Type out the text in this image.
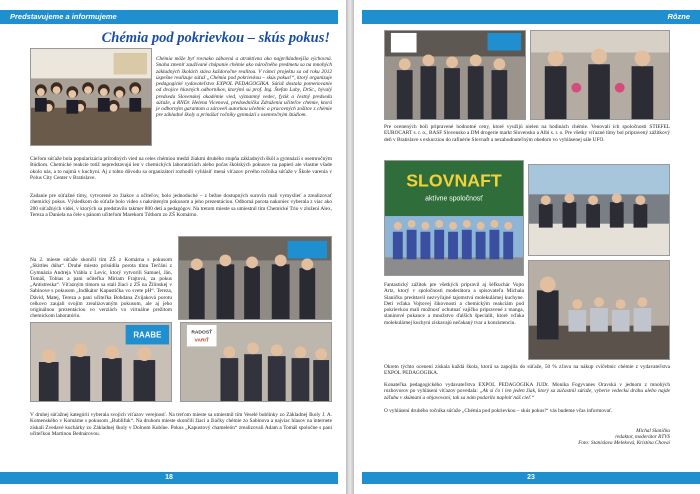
Predstavujeme a informujeme
Chémia pod pokrievkou – skús pokus!
Chémia môže byť rovnako zábavná a atraktívna ako najpríkladnejšia výchovná. Snaha zmeniť zaužívané chápanie chémie ako náročného predmetu sa na mnohých základných školách stáva každoročne realitou. V rámci projektu sa od roku 2012 úspešne realizuje súťaž „Chémia pod pokrievkou – skús pokus!“, ktorý organizuje pedagogické vydavateľstvo EXPOL PEDAGOGIKA. Súťaž dostala pomenovanie od dvojice hlavných odborníkov, ktorými sú prof. Ing. Štefan Luby, DrSc., bývalý predseda Slovenskej akadémie vied, významný vedec, fyzik a čestný predseda súťaže, a RNDr. Helena Vicenová, predsedníčka Združenia učiteľov chémie, ktorá je odborným garantom a zároveň autorkou učebníc a pracovných zošitov z chémie pre základné školy a prinášať ročníky gymnázií s osemročným štúdiom.
Cieľom súťaže bola popularizácia prírodných vied na celes chémiou medzi žiakmi druhého stupňa základných škôl a gymnázií s osemročným štúdiom. Chemické reakcie totiž nepredstavujú len v chemických laboratóriách alebo počas školských pokusov na papieri ale vlastne všade okolo nás, a to najmä v kuchyni. Aj z tohto dôvodu sa organizátori rozhodli vyhlásiť mená víťazov prvého ročníka súťaže v Škole varenia v Polus City Center v Bratislave.
Zadanie pre súťažné tímy, vytvorené zo žiakov a učiteľov, bolo jednoduché – z bežne dostupných surovín mali vymyslieť a zrealizovať chemický pokus. Výsledkom do súťaže bolo video s nakrúteným pokusom a jeho prezentáciou. Odborná porota nakoniec vyberala z viac ako 200 súťažných videí, v ktorých sa predstavilo takmer 800 detí a pedagógov. Na tretom mieste sa umiestnil tím Chemické Trio v zložení Alex, Tereza a Daniela na čele s pánom učiteľom Marekom Tóthom zo ZŠ Komárno.
Na 2. mieste súťaže skončil tím ZŠ z Komárna s pokusom „Skittles dúha“. Druhé miesto prisúdila porota tímu Terčáni z Gymnázia Andreja Vrábla z Levíc, ktorý vytvorili Samuel, Ján, Tomáš, Tobias a pani učiteľka Miriam Frajtová, za pokus „Antistreska“. Víťazným tímom sa stali žiaci z ZŠ na Žilinskej v Sabinove s pokusom „Indikátor Kapustička vo svete pH“. Tereza, Dávid, Matej, Tereza a pani učiteľka Bohdana Zvijaková porotu celkovo zaujali svojím zrealizovaným pokusom, ale aj jeho originálnou prezentáciou vo verziách vo virtuálne prežitom chemickom laboratóriu.
RAABE	RADOSŤ
VARIŤ
V druhej súťažnej kategórii vyberala svojich víťazov verejnosť. Na treťom mieste sa umiestnil tím Veselé bublinky zo Základnej školy J. A. Komenského v Komárne s pokusom „Bublifuk“. Na druhom mieste skončili žiaci a žiačky chémie zo Sabinova a najviac hlasov na internete získali Zvedavé kuchárky zo Základnej školy v Dolnom Kubíne. Pokus „Kapustový chameleón“ zrealizovali Adam a Tomáš spoločne s pani učiteľkou Martinou Bednárovou.
18
Rôzne
Pre ocenených boli pripravené hodnotné ceny, ktoré využijú nielen na hodinách chémie. Venovali ich spoločnosti STIEFEL EUROCART s. r. o., BASF Slovensko a DM drogerie markt Slovensko a Albi s. r. o. Pre všetky víťazné tímy bol pripravený zážitkový deň v Bratislave s exkurziou do rafinérie Slovnaft a nezabudnuteľným obedom vo vyhlásenej sále UFO.
SLOVNAFT
aktívne spoločnosť
Fantastický zážitok pre všetkých pripravil aj šéfkuchár Vojto Artz, ktorý v spoločnosti moderátora a spisovateľa Michala Slaničku predstavil nezvyčajné tajomstvá molekulárnej kuchyne. Deti vďaka Vojtovej šikovnosti a chemickým reakciám pod pokrievkou mali možnosť ochutnať vajíčko pripravené z manga, slaninové pukance a množstvo ďalších špecialít, ktoré vďaka molekulárnej kuchyni získavajú nečakaný tvar a konzistenciu.
Okrem týchto ocenení získala každá škola, ktorá sa zapojila do súťaže, 50 % zľavu na nákup cvičebníc chémie z vydavateľstva EXPOL PEDAGOGIKA.
Konateľka pedagogického vydavateľstva EXPOL PEDAGOGIKA JUDr. Monika Fogyvanes Oravská v jednom z mnohých rozhovorov po vyhlásení víťazov povedala: „Ak si čo i len jeden žiak, ktorý sa zúčastnil súťaže, vyberie vedeckú dráhu alebo najde záľubu v skúmaní a objavovaní, tak sa nám podarilo naplniť náš cieľ.“
O vyhlásení druhého ročníka súťaže „Chémia pod pokrievkou – skús pokus!“ vás budeme včas informovať.
Michal Slanička
redaktor, moderátor RTVS
Foto: Stanislava Meleková, Kristína Chovaí
23
